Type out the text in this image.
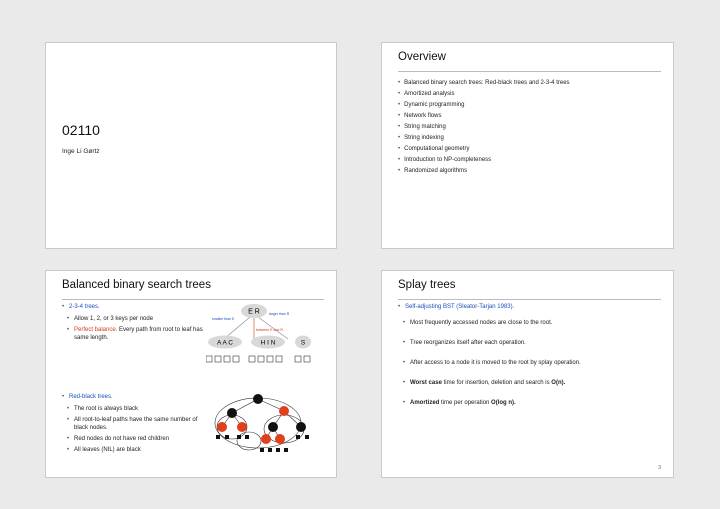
02110
Inge Li Gørtz
Overview
• Balanced binary search trees: Red-black trees and 2-3-4 trees
• Amortized analysis
• Dynamic programming
• Network flows
• String matching
• String indexing
• Computational geometry
• Introduction to NP-completeness
• Randomized algorithms
Balanced binary search trees
• 2-3-4 trees.
• Allow 1, 2, or 3 keys per node
• Perfect balance. Every path from root to leaf has same length.
• Red-black trees.
• The root is always black
• All root-to-leaf paths have the same number of black nodes.
• Red nodes do not have red children
• All leaves (NIL) are black
E R
smaller than E
larger than R
between E and R
A A C	H I N	S
Splay trees
• Self-adjusting BST (Sleator-Tarjan 1983).
• Most frequently accessed nodes are close to the root.
• Tree reorganizes itself after each operation.
• After access to a node it is moved to the root by splay operation.
• Worst case time for insertion, deletion and search is O(n).
• Amortized time per operation O(log n).
3
